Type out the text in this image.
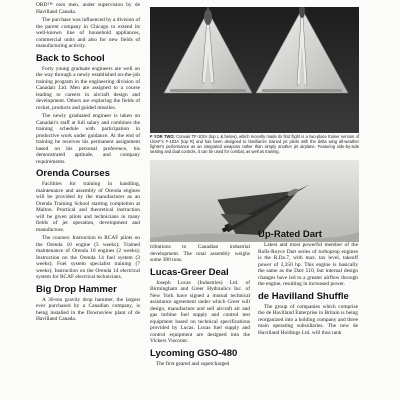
ORD™ own men, under supervision by de Havilland Canada.

The purchase was influenced by a division of the parent company in Chicago to extend its well-known line of household appliances, commercial units and also for new fields of manufacturing activity.

Back to School

Forty young graduate engineers are well on the way through a newly established on-the-job training program in the engineering division of Canadair Ltd. Men are assigned to a course leading to careers in aircraft design and development. Others are exploring the fields of rocket, products and guided missiles.

The newly graduated engineer is taken on Canadair's staff at full salary and combines the training schedule with participation in productive work under guidance. At the end of training he receives his permanent assignment based on his personal preference, his demonstrated aptitude, and company requirements.

Orenda Courses

Facilities for training in handling, maintenance and assembly of Orenda engines will be provided by the manufacturer as an Orenda Training School starting completion at Malton. Practical and theoretical instruction will be given pilots and technicians in many fields of jet operation, development and manufacture.

The courses: Instruction to RCAF pilots on the Orenda 10 engine (5 weeks); Trained maintenance of Orenda 10 engines (2 weeks); Instruction on the Orenda 14 fuel system (3 weeks); Fuel system specialist training (7 weeks); Instruction on the Orenda 14 electrical system for RCAF electrical technicians.

Big Drop Hammer

A 30-ton gravity drop hammer, the largest ever purchased by a Canadian company, is being installed in the Downsview plant of de Havilland Canada.

F YOR TWO: Convair TF-102A (top L & below), which recently made its first flight is a two-place trainer version of USAF's F-102A (top R) and has been designed to familiarize trained jet pilots with the delta wing all-weather fighter's performance as an integrated weapons rather than simply another jet airplane. Featuring side-by-side seating and dual controls, it can be used for combat, as well as training.

tributions to Canadian industrial development. The total assembly weighs some 300 tons.

Lucas-Greer Deal

Joseph Lucas (Industries) Ltd. of Birmingham and Greer Hydraulics Inc. of New York have signed a mutual technical assistance agreement under which Greer will design, manufacture and sell aircraft air and gas turbine fuel supply and control test equipment based on technical specifications provided by Lucas. Lucas fuel supply and control equipment are designed into the Vickers Viscount.

Lycoming GSO-480

The first geared and supercharged

Up-Rated Dart

Latest and most powerful member of the Rolls-Royce Dart series of turboprop engines is the R.Da.7, with max. tax level, takeoff power of 2,350 hp. This engine is basically the same as the Dart 510, but internal design changes have led to a greater airflow through the engine, resulting in increased power.

de Havilland Shuffle

The group of companies which comprise the de Havilland Enterprise in Britain is being reorganized into a holding company and three main operating subsidiaries. The new de Havilland Holdings Ltd. will thus rank
